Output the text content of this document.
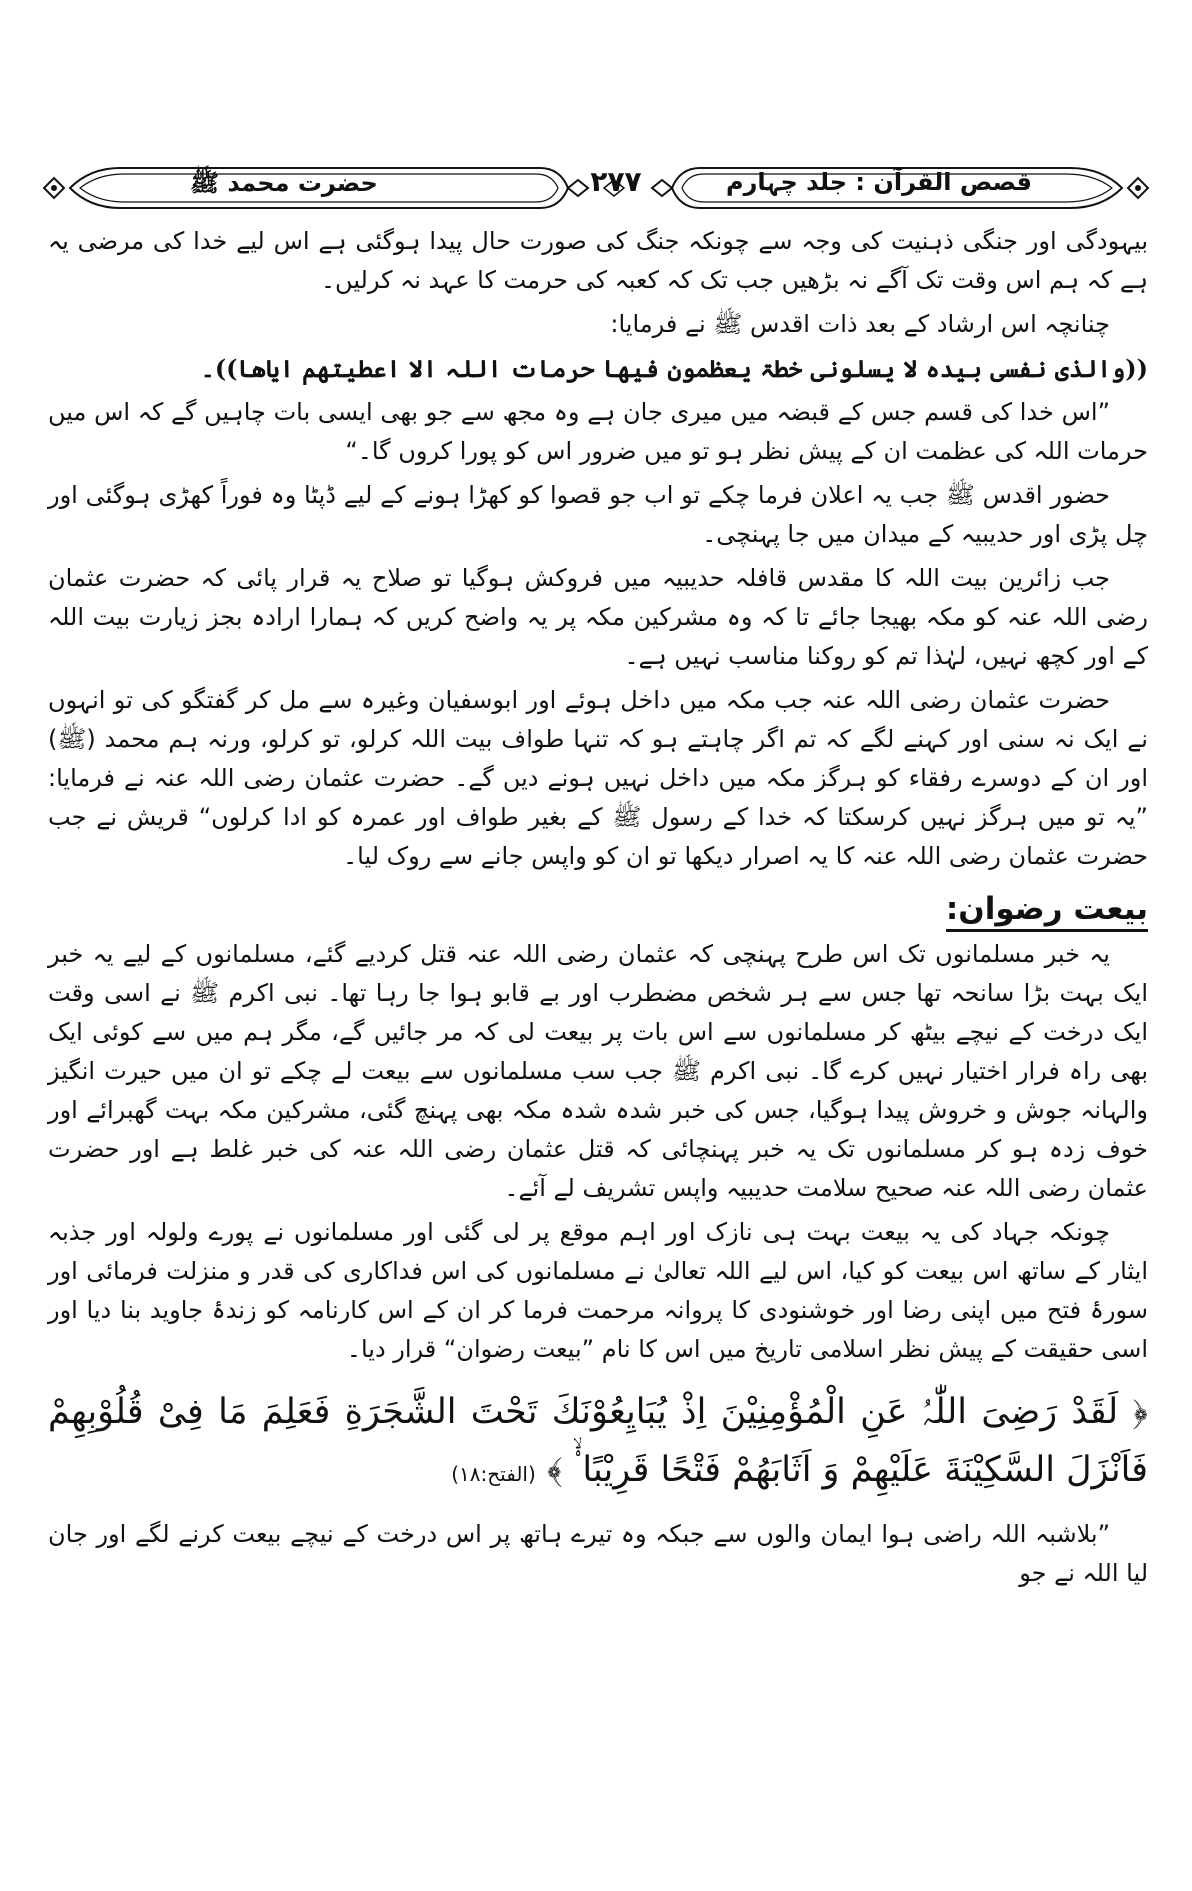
قصص القرآن : جلد چہارم
۲۷۷
حضرت محمد ﷺ

بیہودگی اور جنگی ذہنیت کی وجہ سے چونکہ جنگ کی صورت حال پیدا ہوگئی ہے اس لیے خدا کی مرضی یہ ہے کہ ہم اس وقت تک آگے نہ بڑھیں جب تک کہ کعبہ کی حرمت کا عہد نہ کرلیں۔

چنانچہ اس ارشاد کے بعد ذات اقدس ﷺ نے فرمایا:

((والذی نفسی بیدہ لا یسلونی خطۃ یعظمون فیھا حرمات اللہ الا اعطیتھم ایاھا))۔

”اس خدا کی قسم جس کے قبضہ میں میری جان ہے وہ مجھ سے جو بھی ایسی بات چاہیں گے کہ اس میں حرمات اللہ کی عظمت ان کے پیش نظر ہو تو میں ضرور اس کو پورا کروں گا۔“

حضور اقدس ﷺ جب یہ اعلان فرما چکے تو اب جو قصوا کو کھڑا ہونے کے لیے ڈپٹا وہ فوراً کھڑی ہوگئی اور چل پڑی اور حدیبیہ کے میدان میں جا پہنچی۔

جب زائرین بیت اللہ کا مقدس قافلہ حدیبیہ میں فروکش ہوگیا تو صلاح یہ قرار پائی کہ حضرت عثمان رضی اللہ عنہ کو مکہ بھیجا جائے تا کہ وہ مشرکین مکہ پر یہ واضح کریں کہ ہمارا ارادہ بجز زیارت بیت اللہ کے اور کچھ نہیں، لہٰذا تم کو روکنا مناسب نہیں ہے۔

حضرت عثمان رضی اللہ عنہ جب مکہ میں داخل ہوئے اور ابوسفیان وغیرہ سے مل کر گفتگو کی تو انہوں نے ایک نہ سنی اور کہنے لگے کہ تم اگر چاہتے ہو کہ تنہا طواف بیت اللہ کرلو، تو کرلو، ورنہ ہم محمد (ﷺ) اور ان کے دوسرے رفقاء کو ہرگز مکہ میں داخل نہیں ہونے دیں گے۔ حضرت عثمان رضی اللہ عنہ نے فرمایا: ”یہ تو میں ہرگز نہیں کرسکتا کہ خدا کے رسول ﷺ کے بغیر طواف اور عمرہ کو ادا کرلوں“ قریش نے جب حضرت عثمان رضی اللہ عنہ کا یہ اصرار دیکھا تو ان کو واپس جانے سے روک لیا۔

بیعت رضوان:

یہ خبر مسلمانوں تک اس طرح پہنچی کہ عثمان رضی اللہ عنہ قتل کردیے گئے، مسلمانوں کے لیے یہ خبر ایک بہت بڑا سانحہ تھا جس سے ہر شخص مضطرب اور بے قابو ہوا جا رہا تھا۔ نبی اکرم ﷺ نے اسی وقت ایک درخت کے نیچے بیٹھ کر مسلمانوں سے اس بات پر بیعت لی کہ مر جائیں گے، مگر ہم میں سے کوئی ایک بھی راہ فرار اختیار نہیں کرے گا۔ نبی اکرم ﷺ جب سب مسلمانوں سے بیعت لے چکے تو ان میں حیرت انگیز والہانہ جوش و خروش پیدا ہوگیا، جس کی خبر شدہ شدہ مکہ بھی پہنچ گئی، مشرکین مکہ بہت گھبرائے اور خوف زدہ ہو کر مسلمانوں تک یہ خبر پہنچائی کہ قتل عثمان رضی اللہ عنہ کی خبر غلط ہے اور حضرت عثمان رضی اللہ عنہ صحیح سلامت حدیبیہ واپس تشریف لے آئے۔

چونکہ جہاد کی یہ بیعت بہت ہی نازک اور اہم موقع پر لی گئی اور مسلمانوں نے پورے ولولہ اور جذبہ ایثار کے ساتھ اس بیعت کو کیا، اس لیے اللہ تعالیٰ نے مسلمانوں کی اس فداکاری کی قدر و منزلت فرمائی اور سورۂ فتح میں اپنی رضا اور خوشنودی کا پروانہ مرحمت فرما کر ان کے اس کارنامہ کو زندۂ جاوید بنا دیا اور اسی حقیقت کے پیش نظر اسلامی تاریخ میں اس کا نام ”بیعت رضوان“ قرار دیا۔

﴿ لَقَدْ رَضِیَ اللّٰہُ عَنِ الْمُؤْمِنِیْنَ اِذْ یُبَایِعُوْنَكَ تَحْتَ الشَّجَرَةِ فَعَلِمَ مَا فِیْ قُلُوْبِهِمْ فَاَنْزَلَ السَّكِیْنَةَ عَلَیْهِمْ وَ اَثَابَهُمْ فَتْحًا قَرِیْبًا ۟ۙ ﴾ (الفتح:۱۸)

”بلاشبہ اللہ راضی ہوا ایمان والوں سے جبکہ وہ تیرے ہاتھ پر اس درخت کے نیچے بیعت کرنے لگے اور جان لیا اللہ نے جو
